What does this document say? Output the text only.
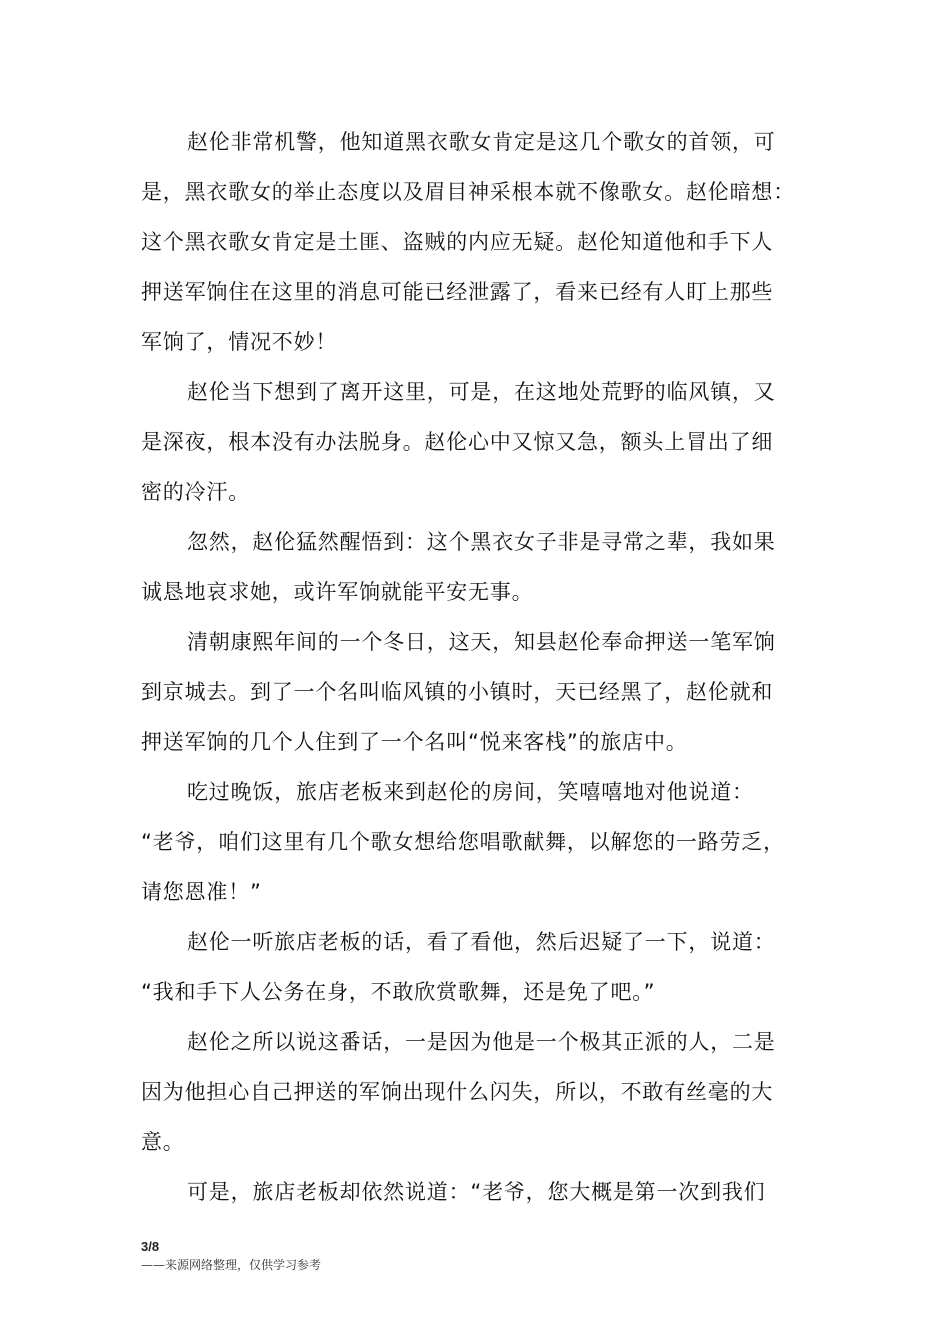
赵伦非常机警，他知道黑衣歌女肯定是这几个歌女的首领，可
是，黑衣歌女的举止态度以及眉目神采根本就不像歌女。赵伦暗想：
这个黑衣歌女肯定是土匪、盗贼的内应无疑。赵伦知道他和手下人
押送军饷住在这里的消息可能已经泄露了，看来已经有人盯上那些
军饷了，情况不妙！

赵伦当下想到了离开这里，可是，在这地处荒野的临风镇，又
是深夜，根本没有办法脱身。赵伦心中又惊又急，额头上冒出了细
密的冷汗。

忽然，赵伦猛然醒悟到：这个黑衣女子非是寻常之辈，我如果
诚恳地哀求她，或许军饷就能平安无事。

清朝康熙年间的一个冬日，这天，知县赵伦奉命押送一笔军饷
到京城去。到了一个名叫临风镇的小镇时，天已经黑了，赵伦就和
押送军饷的几个人住到了一个名叫“悦来客栈”的旅店中。

吃过晚饭，旅店老板来到赵伦的房间，笑嘻嘻地对他说道：
“老爷，咱们这里有几个歌女想给您唱歌献舞，以解您的一路劳乏，
请您恩准！”

赵伦一听旅店老板的话，看了看他，然后迟疑了一下，说道：
“我和手下人公务在身，不敢欣赏歌舞，还是免了吧。”

赵伦之所以说这番话，一是因为他是一个极其正派的人，二是
因为他担心自己押送的军饷出现什么闪失，所以，不敢有丝毫的大
意。

可是，旅店老板却依然说道：“老爷，您大概是第一次到我们

3/8
——来源网络整理，仅供学习参考
